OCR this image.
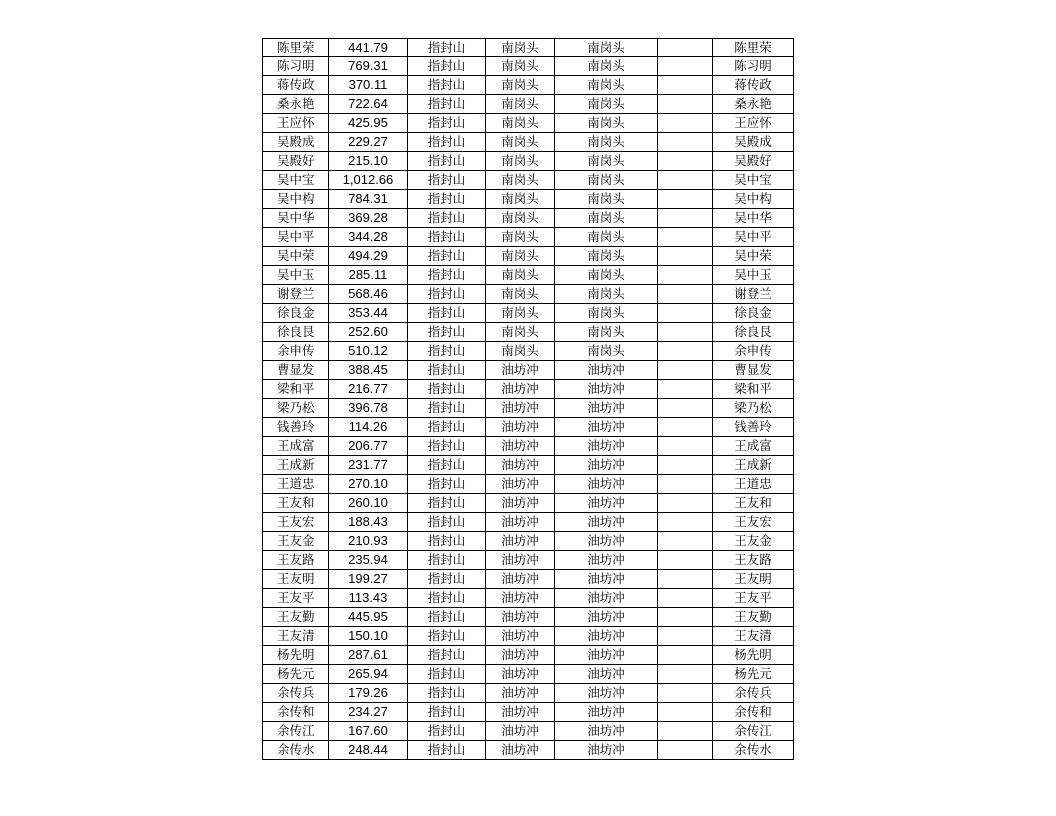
陈里荣	441.79	指封山	南岗头	南岗头		陈里荣
陈习明	769.31	指封山	南岗头	南岗头		陈习明
蒋传政	370.11	指封山	南岗头	南岗头		蒋传政
桑永艳	722.64	指封山	南岗头	南岗头		桑永艳
王应怀	425.95	指封山	南岗头	南岗头		王应怀
吴殿成	229.27	指封山	南岗头	南岗头		吴殿成
吴殿好	215.10	指封山	南岗头	南岗头		吴殿好
吴中宝	1,012.66	指封山	南岗头	南岗头		吴中宝
吴中构	784.31	指封山	南岗头	南岗头		吴中构
吴中华	369.28	指封山	南岗头	南岗头		吴中华
吴中平	344.28	指封山	南岗头	南岗头		吴中平
吴中荣	494.29	指封山	南岗头	南岗头		吴中荣
吴中玉	285.11	指封山	南岗头	南岗头		吴中玉
谢登兰	568.46	指封山	南岗头	南岗头		谢登兰
徐良金	353.44	指封山	南岗头	南岗头		徐良金
徐良艮	252.60	指封山	南岗头	南岗头		徐良艮
余申传	510.12	指封山	南岗头	南岗头		余申传
曹显发	388.45	指封山	油坊冲	油坊冲		曹显发
梁和平	216.77	指封山	油坊冲	油坊冲		梁和平
梁乃松	396.78	指封山	油坊冲	油坊冲		梁乃松
钱善玲	114.26	指封山	油坊冲	油坊冲		钱善玲
王成富	206.77	指封山	油坊冲	油坊冲		王成富
王成新	231.77	指封山	油坊冲	油坊冲		王成新
王道忠	270.10	指封山	油坊冲	油坊冲		王道忠
王友和	260.10	指封山	油坊冲	油坊冲		王友和
王友宏	188.43	指封山	油坊冲	油坊冲		王友宏
王友金	210.93	指封山	油坊冲	油坊冲		王友金
王友路	235.94	指封山	油坊冲	油坊冲		王友路
王友明	199.27	指封山	油坊冲	油坊冲		王友明
王友平	113.43	指封山	油坊冲	油坊冲		王友平
王友勤	445.95	指封山	油坊冲	油坊冲		王友勤
王友清	150.10	指封山	油坊冲	油坊冲		王友清
杨先明	287.61	指封山	油坊冲	油坊冲		杨先明
杨先元	265.94	指封山	油坊冲	油坊冲		杨先元
余传兵	179.26	指封山	油坊冲	油坊冲		余传兵
余传和	234.27	指封山	油坊冲	油坊冲		余传和
余传江	167.60	指封山	油坊冲	油坊冲		余传江
余传水	248.44	指封山	油坊冲	油坊冲		余传水
